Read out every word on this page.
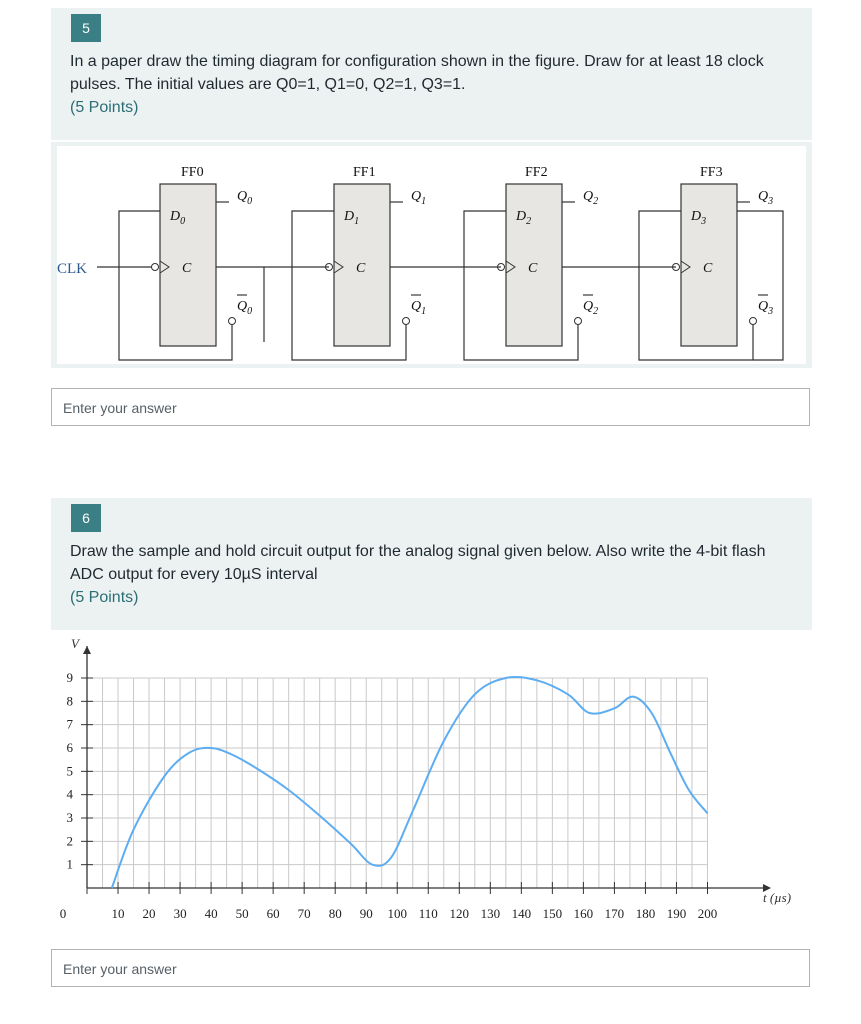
5
In a paper draw the timing diagram for configuration shown in the figure. Draw for at least 18 clock pulses. The initial values are Q0=1, Q1=0, Q2=1, Q3=1.
(5 Points)
CLK
FF0
$D_0$
C
$Q_0$
$Q_0$
FF1
$D_1$
C
$Q_1$
$Q_1$
FF2
$D_2$
C
$Q_2$
$Q_2$
FF3
$D_3$
C
$Q_3$
$Q_3$
Enter your answer
6
Draw the sample and hold circuit output for the analog signal given below. Also write the 4-bit flash ADC output for every 10µS interval
(5 Points)
V
t (µs)
0	10 20 30 40 50 60 70 80 90 100 110 120 130 140 150 160 170 180 190 200
1
2
3
4
5
6
7
8
9
Enter your answer
